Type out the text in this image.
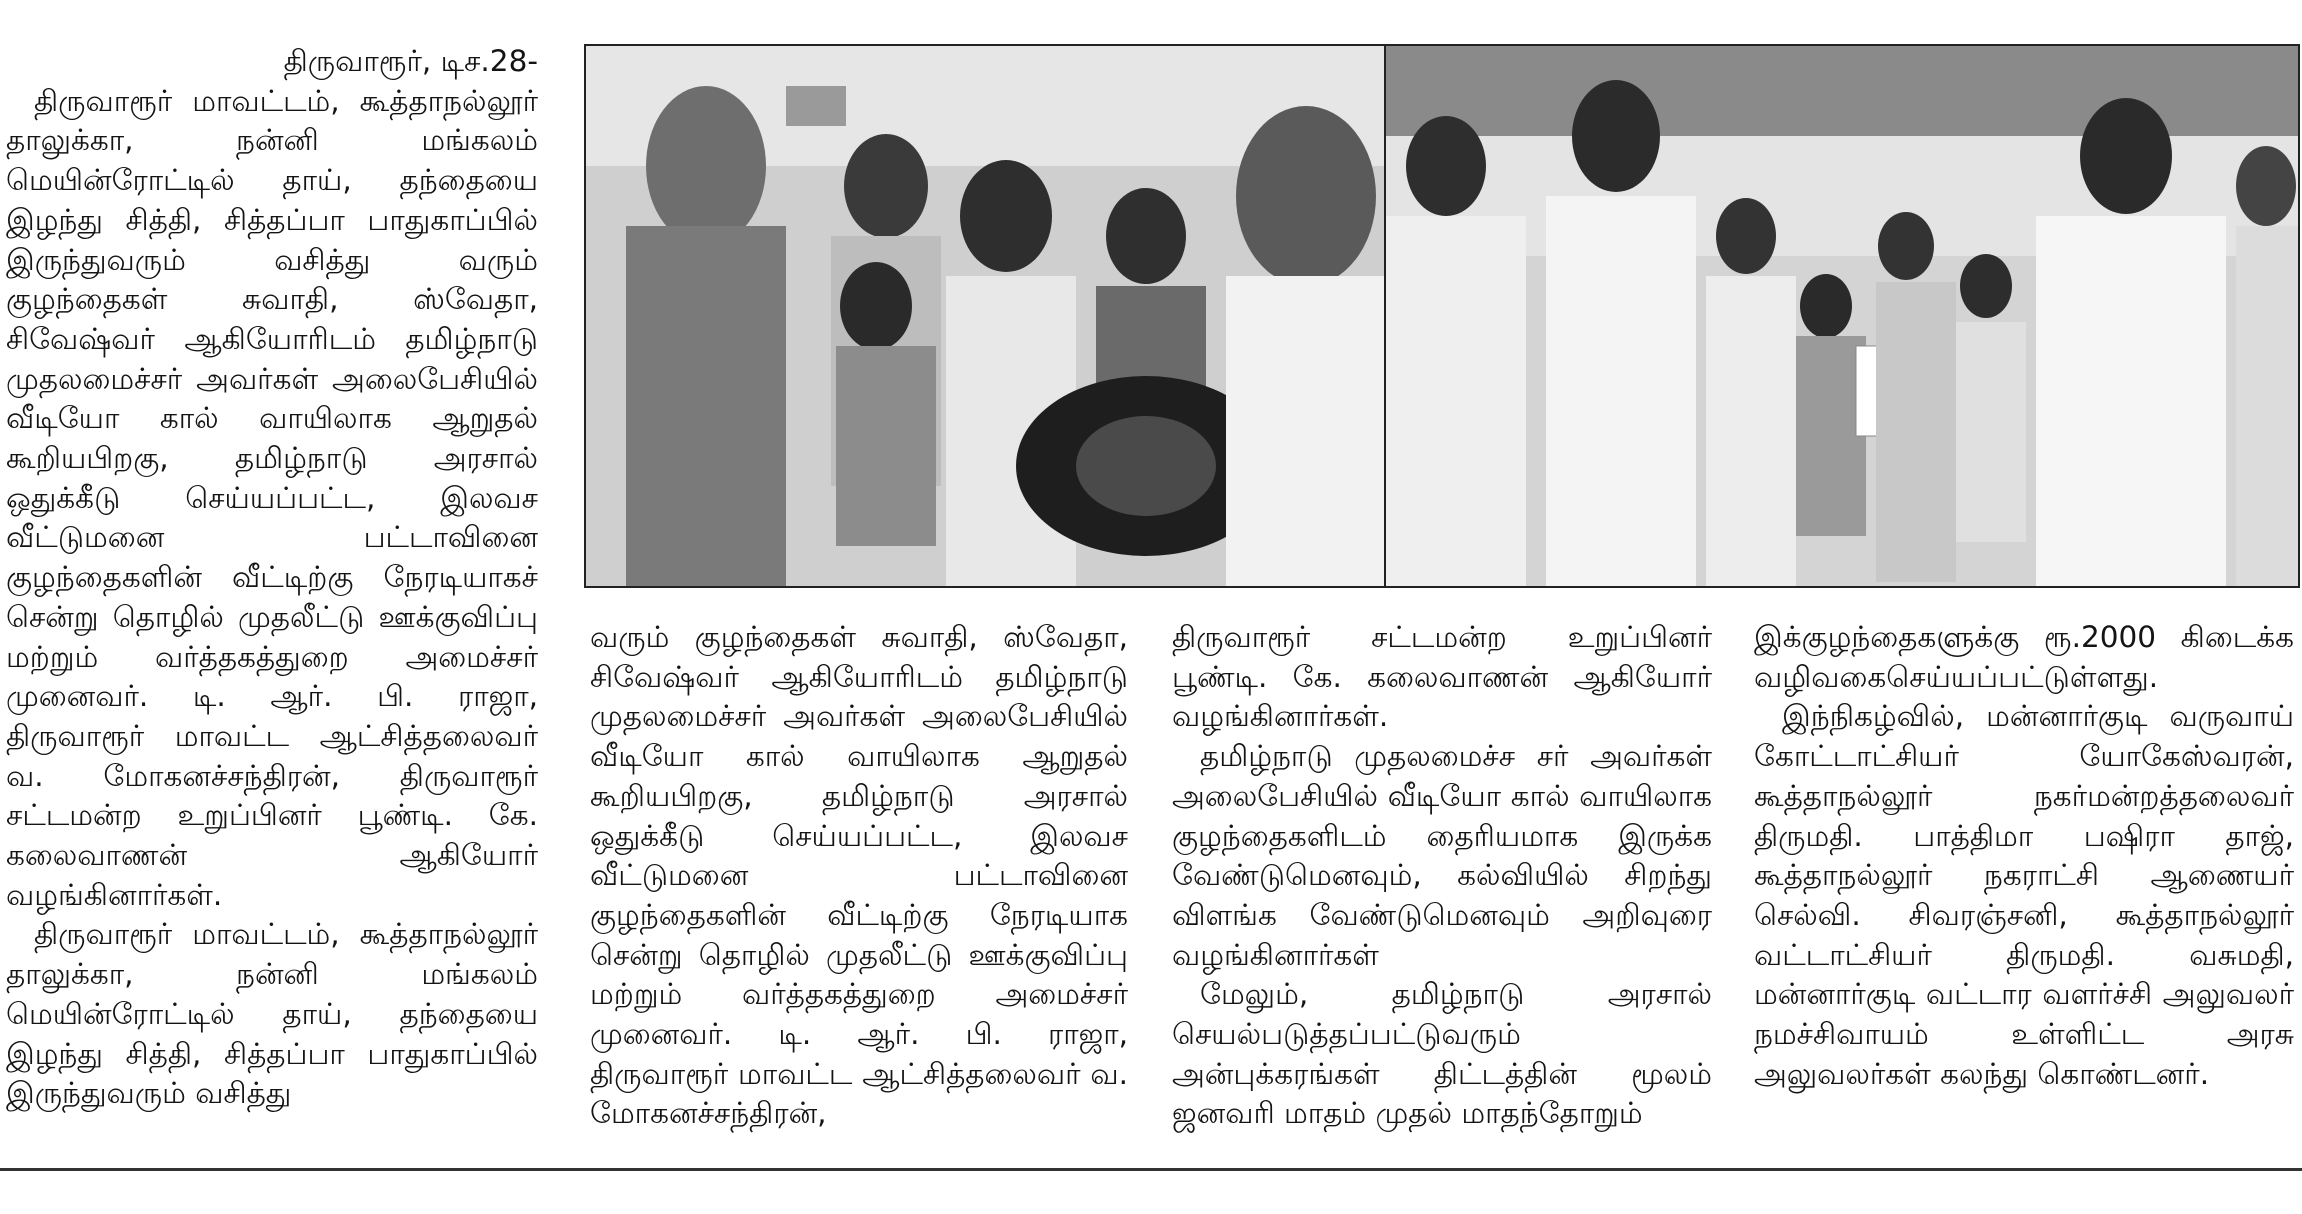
திருவாரூர், டிச.28-

திருவாரூர் மாவட்டம், கூத்தாநல்லூர் தாலுக்கா, நன்னி மங்கலம் மெயின்ரோட்டில் தாய், தந்தையை இழந்து சித்தி, சித்தப்பா பாதுகாப்பில் இருந்துவரும் வசித்து வரும் குழந்தைகள் சுவாதி, ஸ்வேதா, சிவேஷ்வர் ஆகியோரிடம் தமிழ்நாடு முதலமைச்சர் அவர்கள் அலைபேசியில் வீடியோ கால் வாயிலாக ஆறுதல் கூறியபிறகு, தமிழ்நாடு அரசால் ஒதுக்கீடு செய்யப்பட்ட, இலவச வீட்டுமனை பட்டாவினை குழந்தைகளின் வீட்டிற்கு நேரடியாகச் சென்று தொழில் முதலீட்டு ஊக்குவிப்பு மற்றும் வர்த்தகத்துறை அமைச்சர் முனைவர். டி. ஆர். பி. ராஜா, திருவாரூர் மாவட்ட ஆட்சித்தலைவர் வ. மோகனச்சந்திரன், திருவாரூர் சட்டமன்ற உறுப்பினர் பூண்டி. கே. கலைவாணன் ஆகியோர் வழங்கினார்கள்.

திருவாரூர் மாவட்டம், கூத்தாநல்லூர் தாலுக்கா, நன்னி மங்கலம் மெயின்ரோட்டில் தாய், தந்தையை இழந்து சித்தி, சித்தப்பா பாதுகாப்பில் இருந்துவரும் வசித்து

வரும் குழந்தைகள் சுவாதி, ஸ்வேதா, சிவேஷ்வர் ஆகியோரிடம் தமிழ்நாடு முதலமைச்சர் அவர்கள் அலைபேசியில் வீடியோ கால் வாயிலாக ஆறுதல் கூறியபிறகு, தமிழ்நாடு அரசால் ஒதுக்கீடு செய்யப்பட்ட, இலவச வீட்டுமனை பட்டாவினை குழந்தைகளின் வீட்டிற்கு நேரடியாக சென்று தொழில் முதலீட்டு ஊக்குவிப்பு மற்றும் வர்த்தகத்துறை அமைச்சர் முனைவர். டி. ஆர். பி. ராஜா, திருவாரூர் மாவட்ட ஆட்சித்தலைவர் வ. மோகனச்சந்திரன்,

திருவாரூர் சட்டமன்ற உறுப்பினர் பூண்டி. கே. கலைவாணன் ஆகியோர் வழங்கினார்கள்.

தமிழ்நாடு முதலமைச்ச சர் அவர்கள் அலைபேசியில் வீடியோ கால் வாயிலாக குழந்தைகளிடம் தைரியமாக இருக்க வேண்டுமெனவும், கல்வியில் சிறந்து விளங்க வேண்டுமெனவும் அறிவுரை வழங்கினார்கள்

மேலும், தமிழ்நாடு அரசால் செயல்படுத்தப்பட்டுவரும் அன்புக்கரங்கள் திட்டத்தின் மூலம் ஜனவரி மாதம் முதல் மாதந்தோறும்

இக்குழந்தைகளுக்கு ரூ.2000 கிடைக்க வழிவகைசெய்யப்பட்டுள்ளது.

இந்நிகழ்வில், மன்னார்குடி வருவாய் கோட்டாட்சியர் யோகேஸ்வரன், கூத்தாநல்லூர் நகர்மன்றத்தலைவர் திருமதி. பாத்திமா பஷிரா தாஜ், கூத்தாநல்லூர் நகராட்சி ஆணையர் செல்வி. சிவரஞ்சனி, கூத்தாநல்லூர் வட்டாட்சியர் திருமதி. வசுமதி, மன்னார்குடி வட்டார வளர்ச்சி அலுவலர் நமச்சிவாயம் உள்ளிட்ட அரசு அலுவலர்கள் கலந்து கொண்டனர்.
